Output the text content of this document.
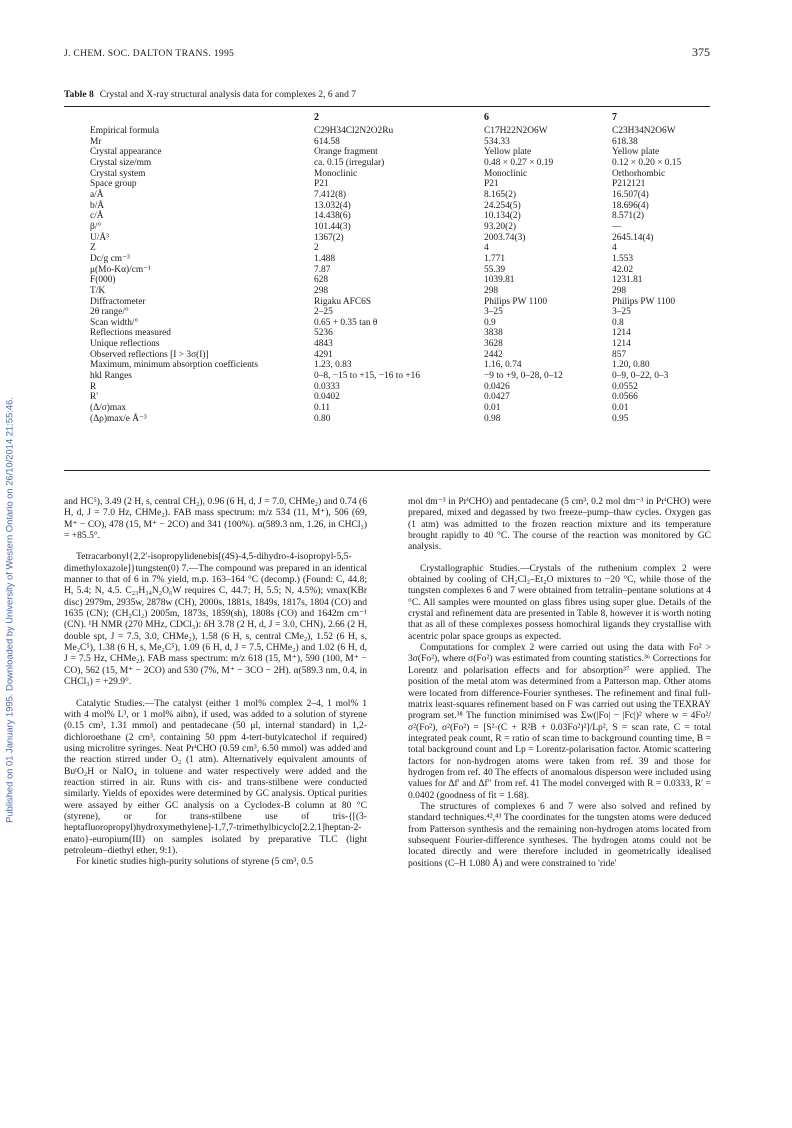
Published on 01 January 1995. Downloaded by University of Western Ontario on 26/10/2014 21:55:46.
J. CHEM. SOC. DALTON TRANS. 1995	375
Table 8 Crystal and X-ray structural analysis data for complexes 2, 6 and 7
	2	6	7
Empirical formula	C29H34Cl2N2O2Ru	C17H22N2O6W	C23H34N2O6W
Mr	614.58	534.33	618.38
Crystal appearance	Orange fragment	Yellow plate	Yellow plate
Crystal size/mm	ca. 0.15 (irregular)	0.48 × 0.27 × 0.19	0.12 × 0.20 × 0.15
Crystal system	Monoclinic	Monoclinic	Orthorhombic
Space group	P21	P21	P212121
a/Å	7.412(8)	8.165(2)	16.507(4)
b/Å	13.032(4)	24.254(5)	18.696(4)
c/Å	14.438(6)	10.134(2)	8.571(2)
β/°	101.44(3)	93.20(2)	—
U/Å³	1367(2)	2003.74(3)	2645.14(4)
Z	2	4	4
Dc/g cm⁻³	1.488	1.771	1.553
μ(Mo-Kα)/cm⁻¹	7.87	55.39	42.02
F(000)	628	1039.81	1231.81
T/K	298	298	298
Diffractometer	Rigaku AFC6S	Philips PW 1100	Philips PW 1100
2θ range/°	2–25	3–25	3–25
Scan width/°	0.65 + 0.35 tan θ	0.9	0.8
Reflections measured	5236	3838	1214
Unique reflections	4843	3628	1214
Observed reflections [I > 3σ(I)]	4291	2442	857
Maximum, minimum absorption coefficients	1.23, 0.83	1.16, 0.74	1.20, 0.80
hkl Ranges	0–8, −15 to +15, −16 to +16	−9 to +9, 0–28, 0–12	0–9, 0–22, 0–3
R	0.0333	0.0426	0.0552
R'	0.0402	0.0427	0.0566
(Δ/σ)max	0.11	0.01	0.01
(Δρ)max/e Å⁻³	0.80	0.98	0.95

and HC⁵), 3.49 (2 H, s, central CH₂), 0.96 (6 H, d, J = 7.0, CHMe₂) and 0.74 (6 H, d, J = 7.0 Hz, CHMe₂). FAB mass spectrum: m/z 534 (11, M⁺), 506 (69, M⁺ − CO), 478 (15, M⁺ − 2CO) and 341 (100%). α(589.3 nm, 1.26, in CHCl₃) = +85.5°.

Tetracarbonyl{2,2′-isopropylidenebis[(4S)-4,5-dihydro-4-isopropyl-5,5-dimethyloxazole]}tungsten(0) 7.—The compound was prepared in an identical manner to that of 6 in 7% yield, m.p. 163–164 °C (decomp.) (Found: C, 44.8; H, 5.4; N, 4.5. C₂₃H₃₄N₂O₆W requires C, 44.7; H, 5.5; N, 4.5%); νmax(KBr disc) 2979m, 2935w, 2878w (CH), 2000s, 1881s, 1849s, 1817s, 1804 (CO) and 1635 (CN); (CH₂Cl₂) 2005m, 1873s, 1859(sh), 1808s (CO) and 1642m cm⁻¹ (CN). ¹H NMR (270 MHz, CDCl₃): δH 3.78 (2 H, d, J = 3.0, CHN), 2.66 (2 H, double spt, J = 7.5, 3.0, CHMe₂), 1.58 (6 H, s, central CMe₂), 1.52 (6 H, s, Me₂C⁵), 1.38 (6 H, s, Me₂C⁵), 1.09 (6 H, d, J = 7.5, CHMe₂) and 1.02 (6 H, d, J = 7.5 Hz, CHMe₂). FAB mass spectrum: m/z 618 (15, M⁺), 590 (100, M⁺ − CO), 562 (15, M⁺ − 2CO) and 530 (7%, M⁺ − 3CO − 2H). α(589.3 nm, 0.4, in CHCl₃) = +29.9°.

Catalytic Studies.—The catalyst (either 1 mol% complex 2–4, 1 mol% 1 with 4 mol% L³, or 1 mol% aibn), if used, was added to a solution of styrene (0.15 cm³, 1.31 mmol) and pentadecane (50 μl, internal standard) in 1,2-dichloroethane (2 cm³, containing 50 ppm 4-tert-butylcatechol if required) using microlitre syringes. Neat PrⁱCHO (0.59 cm³, 6.50 mmol) was added and the reaction stirred under O₂ (1 atm). Alternatively equivalent amounts of BuᵗO₂H or NaIO₄ in toluene and water respectively were added and the reaction stirred in air. Runs with cis- and trans-stilbene were conducted similarly. Yields of epoxides were determined by GC analysis. Optical purities were assayed by either GC analysis on a Cyclodex-B column at 80 °C (styrene), or for trans-stilbene use of tris-{[(3-heptafluoropropyl)hydroxymethylene]-1,7,7-trimethylbicyclo[2.2.1]heptan-2-enato}-europium(III) on samples isolated by preparative TLC (light petroleum–diethyl ether, 9:1).

For kinetic studies high-purity solutions of styrene (5 cm³, 0.5

mol dm⁻³ in PrⁱCHO) and pentadecane (5 cm³, 0.2 mol dm⁻³ in PrⁱCHO) were prepared, mixed and degassed by two freeze–pump–thaw cycles. Oxygen gas (1 atm) was admitted to the frozen reaction mixture and its temperature brought rapidly to 40 °C. The course of the reaction was monitored by GC analysis.

Crystallographic Studies.—Crystals of the ruthenium complex 2 were obtained by cooling of CH₂Cl₂–Et₂O mixtures to −20 °C, while those of the tungsten complexes 6 and 7 were obtained from tetralin–pentane solutions at 4 °C. All samples were mounted on glass fibres using super glue. Details of the crystal and refinement data are presented in Table 8, however it is worth noting that as all of these complexes possess homochiral ligands they crystallise with acentric polar space groups as expected.

Computations for complex 2 were carried out using the data with Fo² > 3σ(Fo²), where σ(Fo²) was estimated from counting statistics.³⁶ Corrections for Lorentz and polarisation effects and for absorption³⁷ were applied. The position of the metal atom was determined from a Patterson map. Other atoms were located from difference-Fourier syntheses. The refinement and final full-matrix least-squares refinement based on F was carried out using the TEXRAY program set.³⁸ The function minimised was Σw(|Fo| − |Fc|)² where w = 4Fo²/σ²(Fo²), σ²(Fo²) = [S²·(C + R²B + 0.03Fo²)²]/Lp², S = scan rate, C = total integrated peak count, R = ratio of scan time to background counting time, B = total background count and Lp = Lorentz-polarisation factor. Atomic scattering factors for non-hydrogen atoms were taken from ref. 39 and those for hydrogen from ref. 40 The effects of anomalous disperson were included using values for Δf′ and Δf″ from ref. 41 The model converged with R = 0.0333, R′ = 0.0402 (goodness of fit = 1.68).

The structures of complexes 6 and 7 were also solved and refined by standard techniques.⁴²,⁴³ The coordinates for the tungsten atoms were deduced from Patterson synthesis and the remaining non-hydrogen atoms located from subsequent Fourier-difference syntheses. The hydrogen atoms could not be located directly and were therefore included in geometrically idealised positions (C–H 1.080 Å) and were constrained to 'ride'
